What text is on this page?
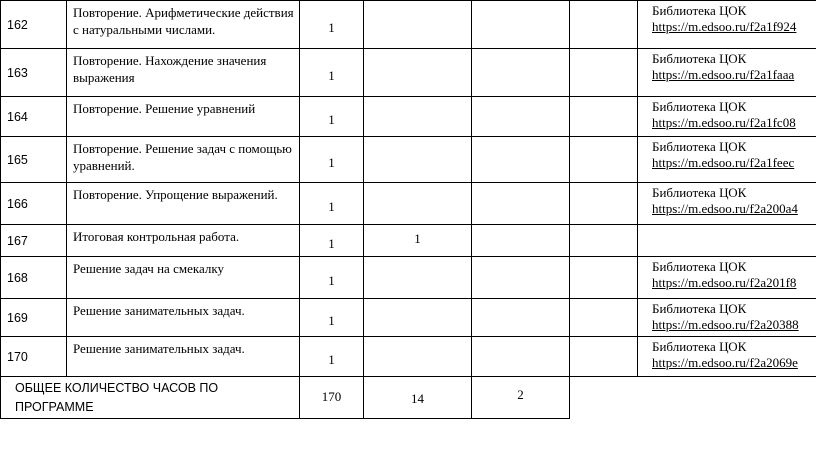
162	Повторение. Арифметические действия с натуральными числами.	1				Библиотека ЦОК
https://m.edsoo.ru/f2a1f924
163	Повторение. Нахождение значения выражения	1				Библиотека ЦОК
https://m.edsoo.ru/f2a1faaa
164	Повторение. Решение уравнений	1				Библиотека ЦОК
https://m.edsoo.ru/f2a1fc08
165	Повторение. Решение задач с помощью уравнений.	1				Библиотека ЦОК
https://m.edsoo.ru/f2a1feec
166	Повторение. Упрощение выражений.	1				Библиотека ЦОК
https://m.edsoo.ru/f2a200a4
167	Итоговая контрольная работа.	1	1			
168	Решение задач на смекалку	1				Библиотека ЦОК
https://m.edsoo.ru/f2a201f8
169	Решение занимательных задач.	1				Библиотека ЦОК
https://m.edsoo.ru/f2a20388
170	Решение занимательных задач.	1				Библиотека ЦОК
https://m.edsoo.ru/f2a2069e
ОБЩЕЕ КОЛИЧЕСТВО ЧАСОВ ПО ПРОГРАММЕ		170	14	2		
